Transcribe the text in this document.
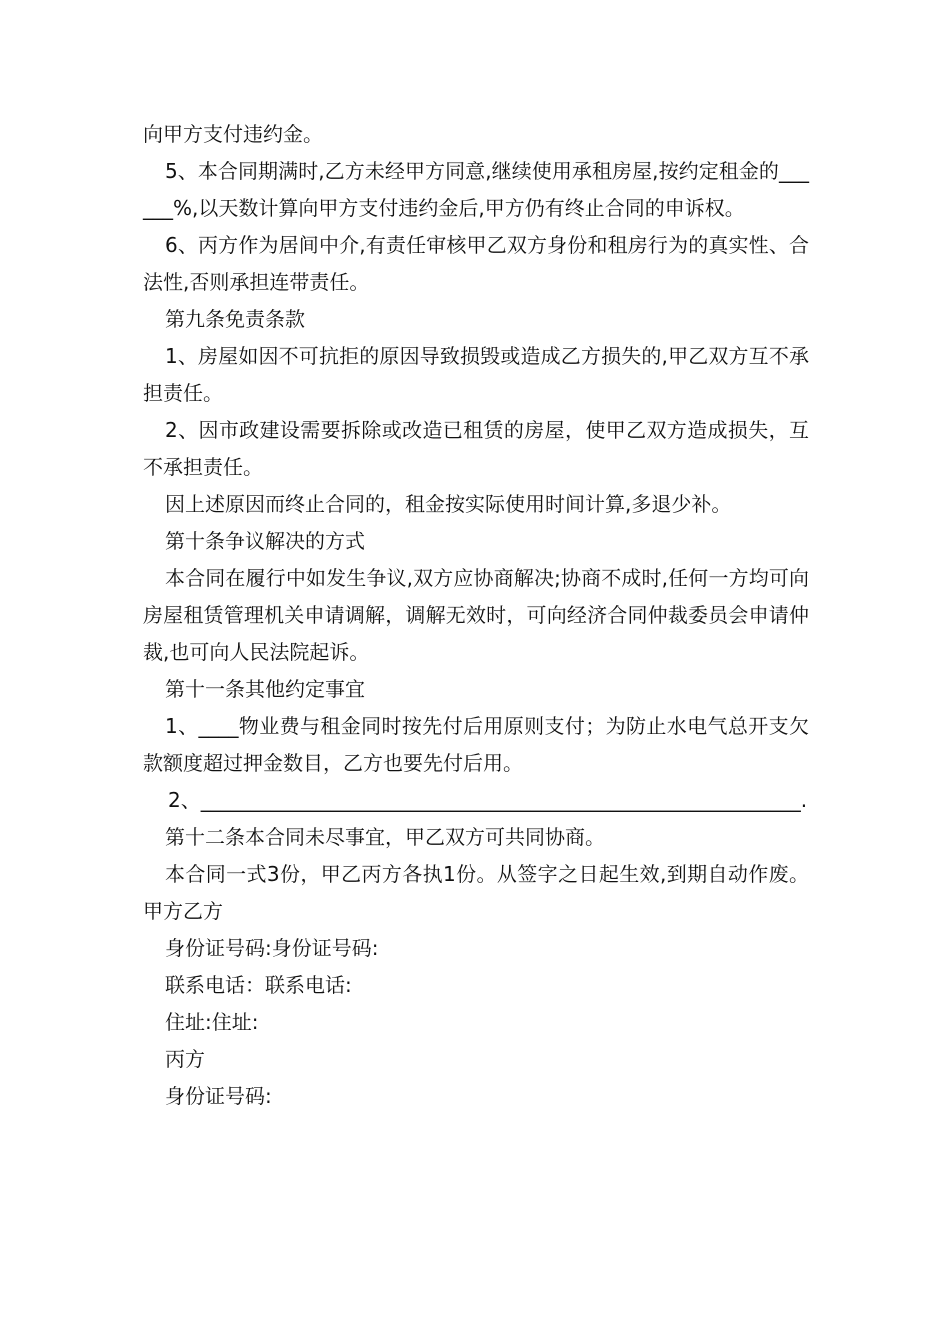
向甲方支付违约金。

5、本合同期满时,乙方未经甲方同意,继续使用承租房屋,按约定租金的______%,以天数计算向甲方支付违约金后,甲方仍有终止合同的申诉权。

6、丙方作为居间中介,有责任审核甲乙双方身份和租房行为的真实性、合法性,否则承担连带责任。

第九条免责条款

1、房屋如因不可抗拒的原因导致损毁或造成乙方损失的,甲乙双方互不承担责任。

2、因市政建设需要拆除或改造已租赁的房屋，使甲乙双方造成损失，互不承担责任。

因上述原因而终止合同的，租金按实际使用时间计算,多退少补。

第十条争议解决的方式

本合同在履行中如发生争议,双方应协商解决;协商不成时,任何一方均可向房屋租赁管理机关申请调解，调解无效时，可向经济合同仲裁委员会申请仲裁,也可向人民法院起诉。

第十一条其他约定事宜

1、____物业费与租金同时按先付后用原则支付；为防止水电气总开支欠款额度超过押金数目，乙方也要先付后用。

2、____________________________________________________________.

第十二条本合同未尽事宜，甲乙双方可共同协商。

本合同一式3份，甲乙丙方各执1份。从签字之日起生效,到期自动作废。甲方乙方

身份证号码:身份证号码:

联系电话：联系电话:

住址:住址:

丙方

身份证号码:
